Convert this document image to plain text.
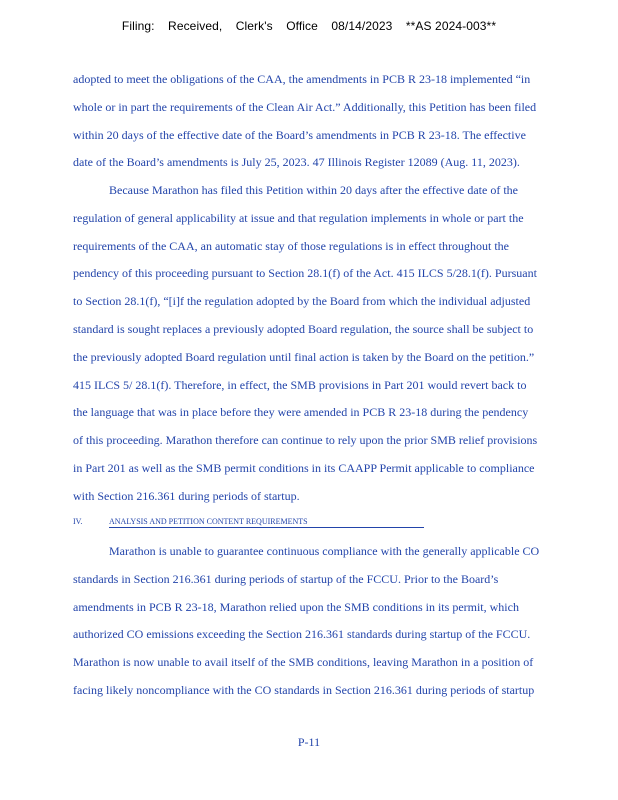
Filing: Received, Clerk's Office 08/14/2023 **AS 2024-003**
adopted to meet the obligations of the CAA, the amendments in PCB R 23-18 implemented “in
whole or in part the requirements of the Clean Air Act.” Additionally, this Petition has been filed
within 20 days of the effective date of the Board’s amendments in PCB R 23-18. The effective
date of the Board’s amendments is July 25, 2023. 47 Illinois Register 12089 (Aug. 11, 2023).
Because Marathon has filed this Petition within 20 days after the effective date of the
regulation of general applicability at issue and that regulation implements in whole or part the
requirements of the CAA, an automatic stay of those regulations is in effect throughout the
pendency of this proceeding pursuant to Section 28.1(f) of the Act. 415 ILCS 5/28.1(f). Pursuant
to Section 28.1(f), “[i]f the regulation adopted by the Board from which the individual adjusted
standard is sought replaces a previously adopted Board regulation, the source shall be subject to
the previously adopted Board regulation until final action is taken by the Board on the petition.”
415 ILCS 5/ 28.1(f). Therefore, in effect, the SMB provisions in Part 201 would revert back to
the language that was in place before they were amended in PCB R 23-18 during the pendency
of this proceeding. Marathon therefore can continue to rely upon the prior SMB relief provisions
in Part 201 as well as the SMB permit conditions in its CAAPP Permit applicable to compliance
with Section 216.361 during periods of startup.
IV.	ANALYSIS AND PETITION CONTENT REQUIREMENTS
Marathon is unable to guarantee continuous compliance with the generally applicable CO
standards in Section 216.361 during periods of startup of the FCCU. Prior to the Board’s
amendments in PCB R 23-18, Marathon relied upon the SMB conditions in its permit, which
authorized CO emissions exceeding the Section 216.361 standards during startup of the FCCU.
Marathon is now unable to avail itself of the SMB conditions, leaving Marathon in a position of
facing likely noncompliance with the CO standards in Section 216.361 during periods of startup
P-11
